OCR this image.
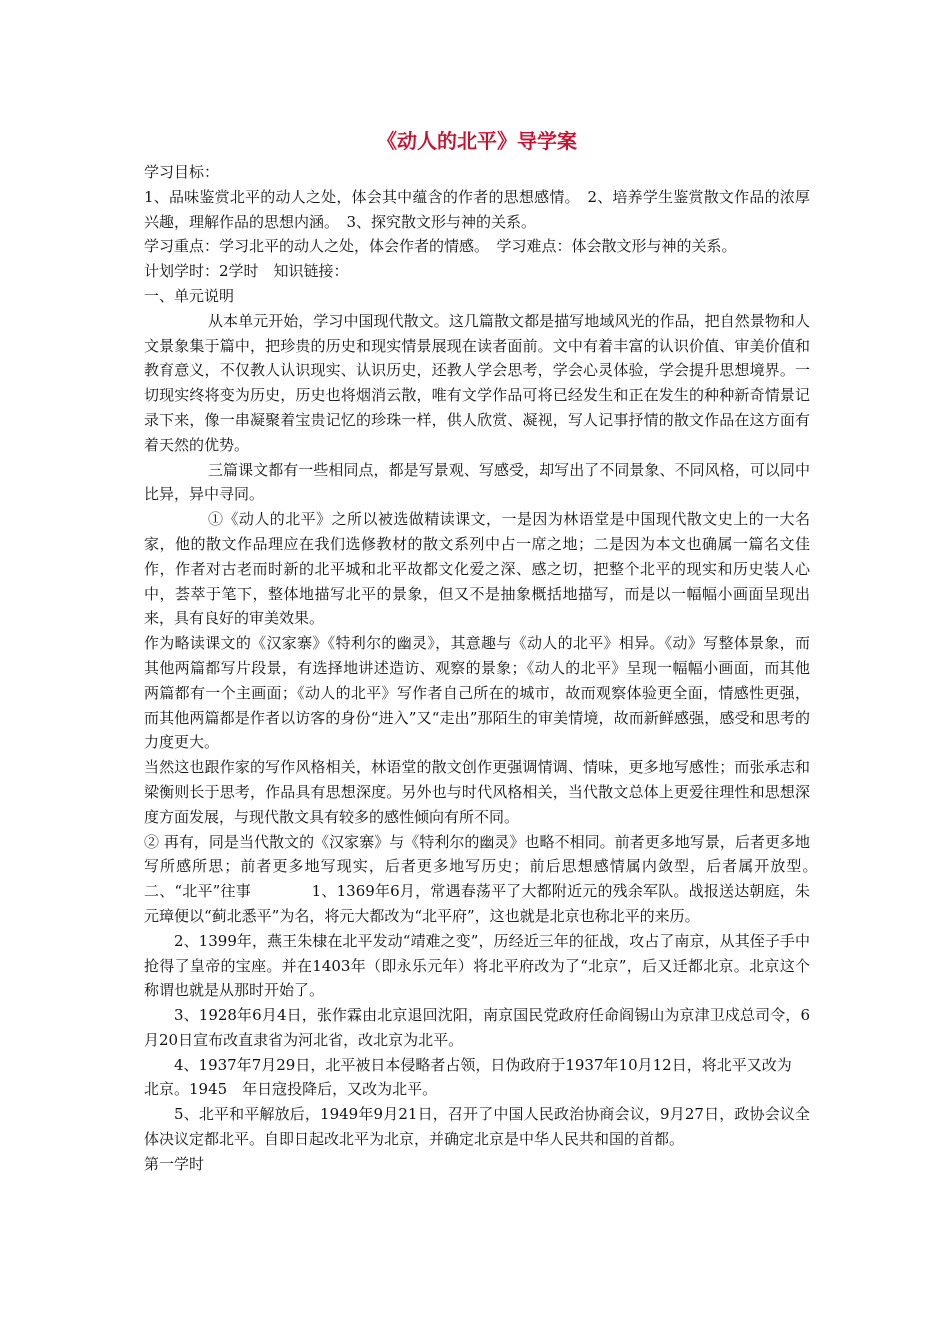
《动人的北平》导学案

学习目标：

1、品味鉴赏北平的动人之处，体会其中蕴含的作者的思想感情。　2、培养学生鉴赏散文作品的浓厚兴趣，理解作品的思想内涵。　3、探究散文形与神的关系。

学习重点：学习北平的动人之处，体会作者的情感。　学习难点：体会散文形与神的关系。

计划学时：2学时　知识链接：

一、单元说明

从本单元开始，学习中国现代散文。这几篇散文都是描写地域风光的作品，把自然景物和人文景象集于篇中，把珍贵的历史和现实情景展现在读者面前。文中有着丰富的认识价值、审美价值和教育意义，不仅教人认识现实、认识历史，还教人学会思考，学会心灵体验，学会提升思想境界。一切现实终将变为历史，历史也将烟消云散，唯有文学作品可将已经发生和正在发生的种种新奇情景记录下来，像一串凝聚着宝贵记忆的珍珠一样，供人欣赏、凝视，写人记事抒情的散文作品在这方面有着天然的优势。

三篇课文都有一些相同点，都是写景观、写感受，却写出了不同景象、不同风格，可以同中比异，异中寻同。

①《动人的北平》之所以被选做精读课文，一是因为林语堂是中国现代散文史上的一大名家，他的散文作品理应在我们选修教材的散文系列中占一席之地；二是因为本文也确属一篇名文佳作，作者对古老而时新的北平城和北平故都文化爱之深、感之切，把整个北平的现实和历史装人心中，荟萃于笔下，整体地描写北平的景象，但又不是抽象概括地描写，而是以一幅幅小画面呈现出来，具有良好的审美效果。

作为略读课文的《汉家寨》《特利尔的幽灵》，其意趣与《动人的北平》相异。《动》写整体景象，而其他两篇都写片段景，有选择地讲述造访、观察的景象；《动人的北平》呈现一幅幅小画面，而其他两篇都有一个主画面；《动人的北平》写作者自己所在的城市，故而观察体验更全面，情感性更强，而其他两篇都是作者以访客的身份“进入”又“走出”那陌生的审美情境，故而新鲜感强，感受和思考的力度更大。

当然这也跟作家的写作风格相关，林语堂的散文创作更强调情调、情味，更多地写感性；而张承志和梁衡则长于思考，作品具有思想深度。另外也与时代风格相关，当代散文总体上更爱往理性和思想深度方面发展，与现代散文具有较多的感性倾向有所不同。

② 再有，同是当代散文的《汉家寨》与《特利尔的幽灵》也略不相同。前者更多地写景，后者更多地写所感所思；前者更多地写现实，后者更多地写历史；前后思想感情属内敛型，后者属开放型。　二、“北平”往事　　　　1、1369年6月，常遇春荡平了大都附近元的残余军队。战报送达朝庭，朱元璋便以“蓟北悉平”为名，将元大都改为“北平府”，这也就是北京也称北平的来历。

2、1399年，燕王朱棣在北平发动“靖难之变”，历经近三年的征战，攻占了南京，从其侄子手中抢得了皇帝的宝座。并在1403年（即永乐元年）将北平府改为了“北京”，后又迁都北京。北京这个称谓也就是从那时开始了。

3、1928年6月4日，张作霖由北京退回沈阳，南京国民党政府任命阎锡山为京津卫戍总司令，6月20日宣布改直隶省为河北省，改北京为北平。

4、1937年7月29日，北平被日本侵略者占领，日伪政府于1937年10月12日，将北平又改为

北京。1945　年日寇投降后，又改为北平。

5、北平和平解放后，1949年9月21日，召开了中国人民政治协商会议，9月27日，政协会议全体决议定都北平。自即日起改北平为北京，并确定北京是中华人民共和国的首都。

第一学时
